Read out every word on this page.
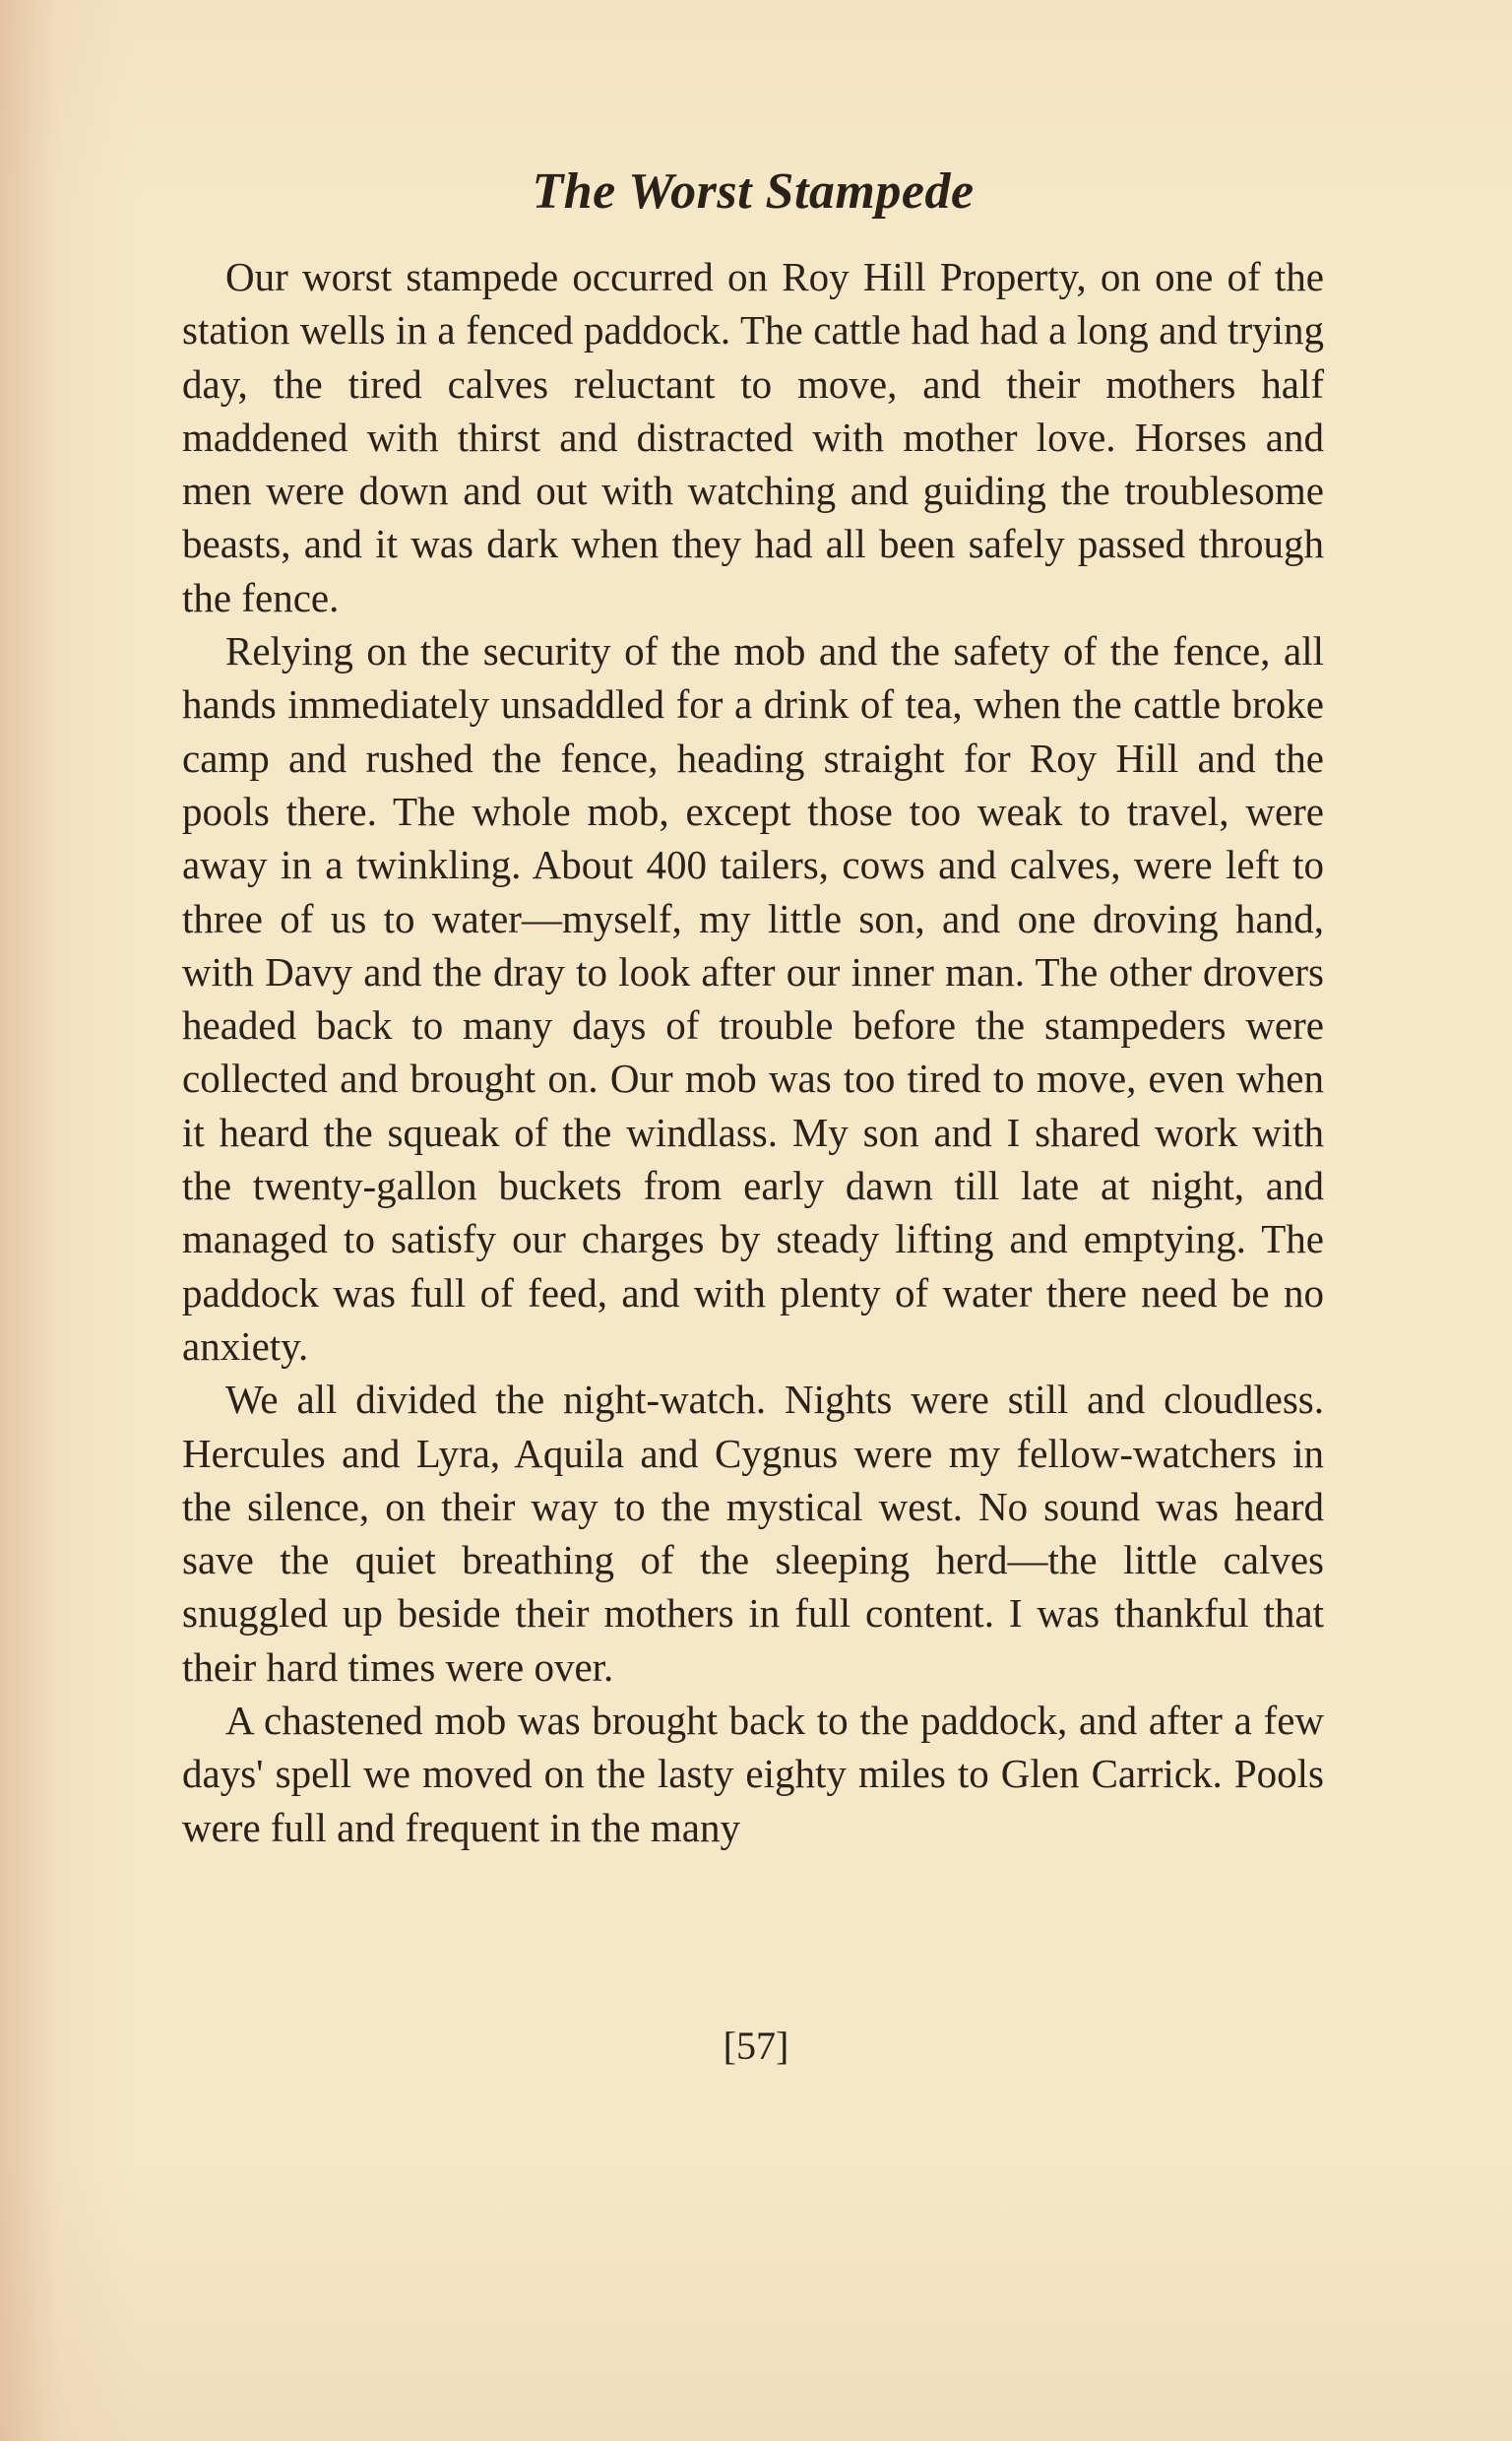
The Worst Stampede

Our worst stampede occurred on Roy Hill Property, on one of the station wells in a fenced paddock. The cattle had had a long and trying day, the tired calves reluctant to move, and their mothers half maddened with thirst and distracted with mother love. Horses and men were down and out with watching and guiding the troublesome beasts, and it was dark when they had all been safely passed through the fence.

Relying on the security of the mob and the safety of the fence, all hands immediately unsaddled for a drink of tea, when the cattle broke camp and rushed the fence, heading straight for Roy Hill and the pools there. The whole mob, except those too weak to travel, were away in a twinkling. About 400 tailers, cows and calves, were left to three of us to water—myself, my little son, and one droving hand, with Davy and the dray to look after our inner man. The other drovers headed back to many days of trouble before the stampeders were collected and brought on. Our mob was too tired to move, even when it heard the squeak of the windlass. My son and I shared work with the twenty-gallon buckets from early dawn till late at night, and managed to satisfy our charges by steady lifting and emptying. The paddock was full of feed, and with plenty of water there need be no anxiety.

We all divided the night-watch. Nights were still and cloudless. Hercules and Lyra, Aquila and Cygnus were my fellow-watchers in the silence, on their way to the mystical west. No sound was heard save the quiet breathing of the sleeping herd—the little calves snuggled up beside their mothers in full content. I was thankful that their hard times were over.

A chastened mob was brought back to the paddock, and after a few days' spell we moved on the lasty eighty miles to Glen Carrick. Pools were full and frequent in the many

[57]
